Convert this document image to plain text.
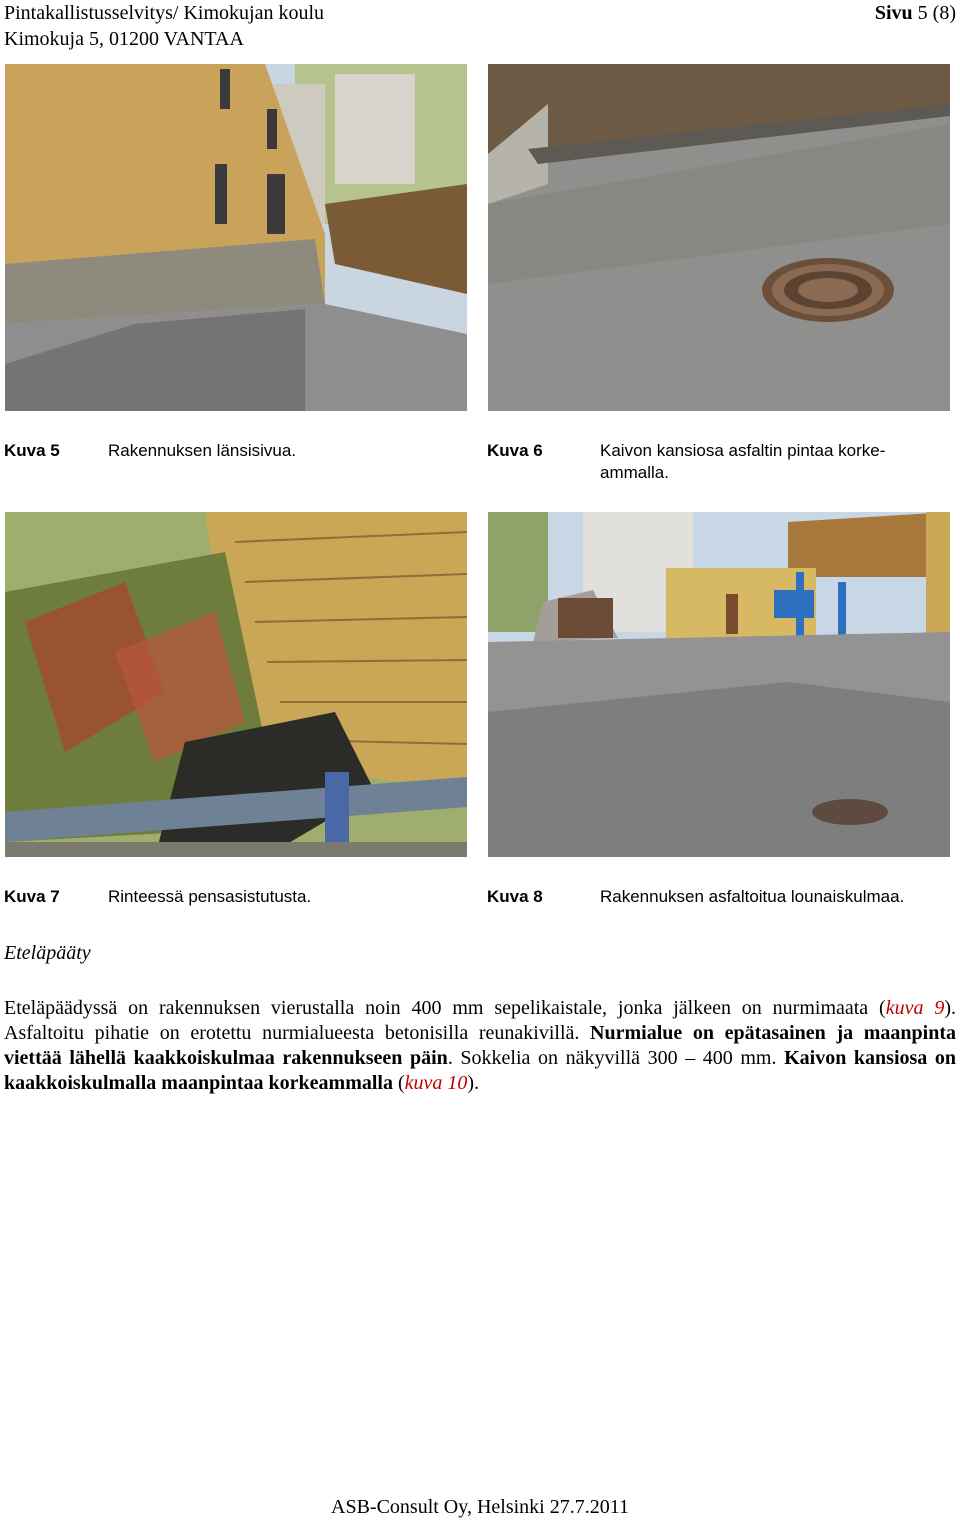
Pintakallistusselvitys/ Kimokujan koulu
Kimokuja 5, 01200 VANTAA
Sivu 5 (8)
Kuva 5	Rakennuksen länsisivua.	Kuva 6	Kaivon kansiosa asfaltin pintaa korke-ammalla.
Kuva 7	Rinteessä pensasistutusta.	Kuva 8	Rakennuksen asfaltoitua lounaiskulmaa.
Eteläpääty
Eteläpäädyssä on rakennuksen vierustalla noin 400 mm sepelikaistale, jonka jälkeen on nurmimaata (kuva 9). Asfaltoitu pihatie on erotettu nurmialueesta betonisilla reunakivillä. Nurmialue on epätasainen ja maanpinta viettää lähellä kaakkoiskulmaa rakennukseen päin. Sokkelia on näkyvillä 300 – 400 mm. Kaivon kansiosa on kaakkoiskulmalla maanpintaa korkeammalla (kuva 10).
ASB-Consult Oy, Helsinki 27.7.2011
